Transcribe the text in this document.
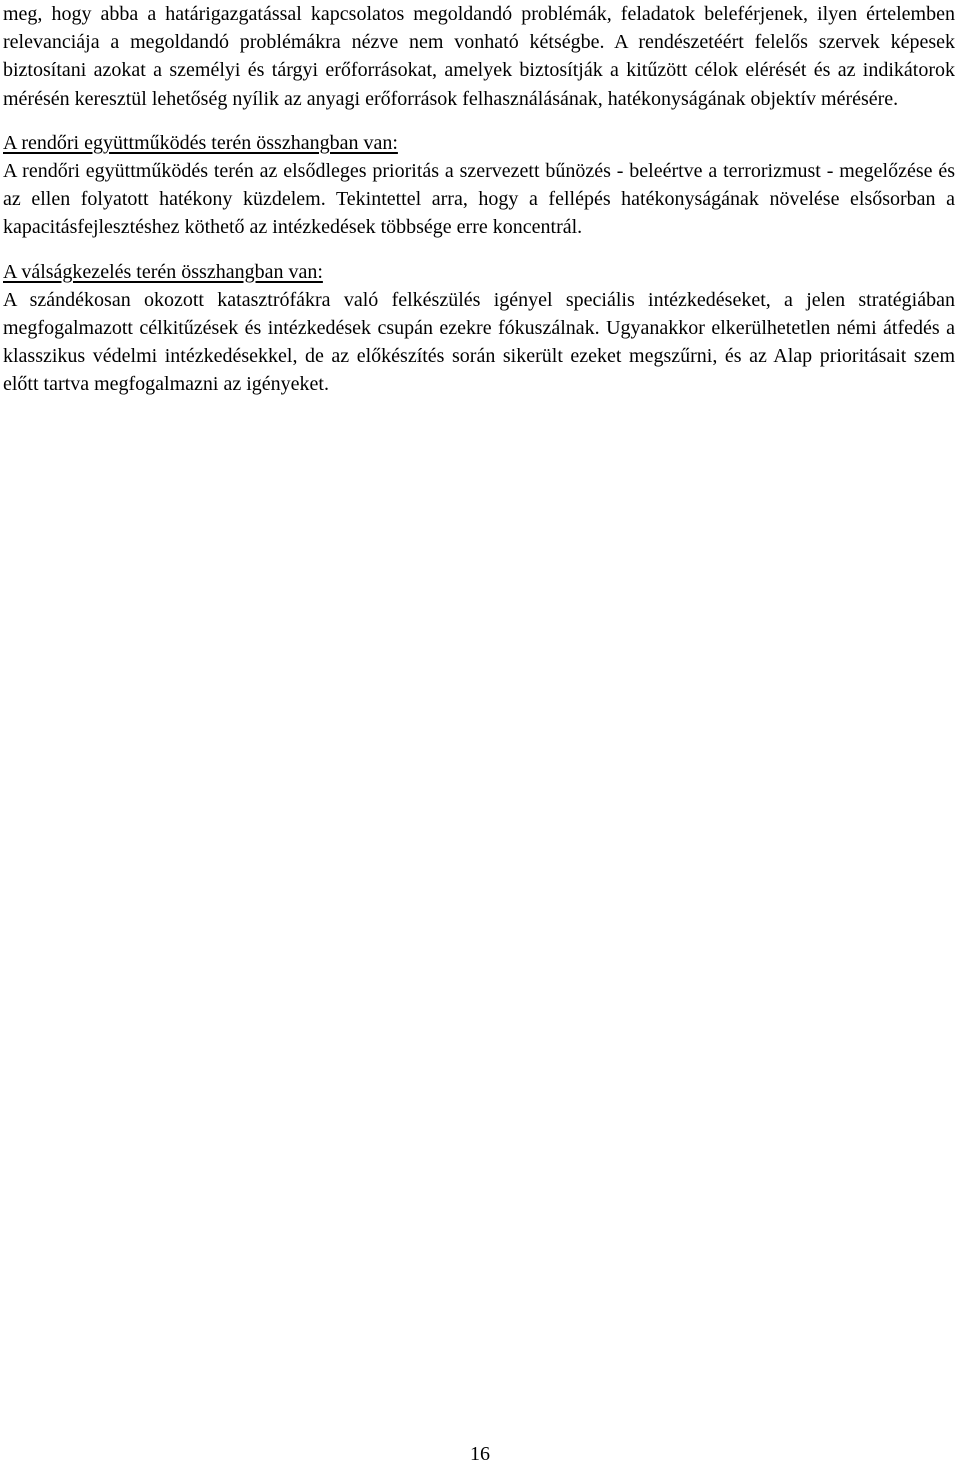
meg, hogy abba a határigazgatással kapcsolatos megoldandó problémák, feladatok beleférjenek, ilyen értelemben relevanciája a megoldandó problémákra nézve nem vonható kétségbe. A rendészetéért felelős szervek képesek biztosítani azokat a személyi és tárgyi erőforrásokat, amelyek biztosítják a kitűzött célok elérését és az indikátorok mérésén keresztül lehetőség nyílik az anyagi erőforrások felhasználásának, hatékonyságának objektív mérésére.

A rendőri együttműködés terén összhangban van:

A rendőri együttműködés terén az elsődleges prioritás a szervezett bűnözés - beleértve a terrorizmust - megelőzése és az ellen folyatott hatékony küzdelem. Tekintettel arra, hogy a fellépés hatékonyságának növelése elsősorban a kapacitásfejlesztéshez köthető az intézkedések többsége erre koncentrál.

A válságkezelés terén összhangban van:

A szándékosan okozott katasztrófákra való felkészülés igényel speciális intézkedéseket, a jelen stratégiában megfogalmazott célkitűzések és intézkedések csupán ezekre fókuszálnak. Ugyanakkor elkerülhetetlen némi átfedés a klasszikus védelmi intézkedésekkel, de az előkészítés során sikerült ezeket megszűrni, és az Alap prioritásait szem előtt tartva megfogalmazni az igényeket.

16
